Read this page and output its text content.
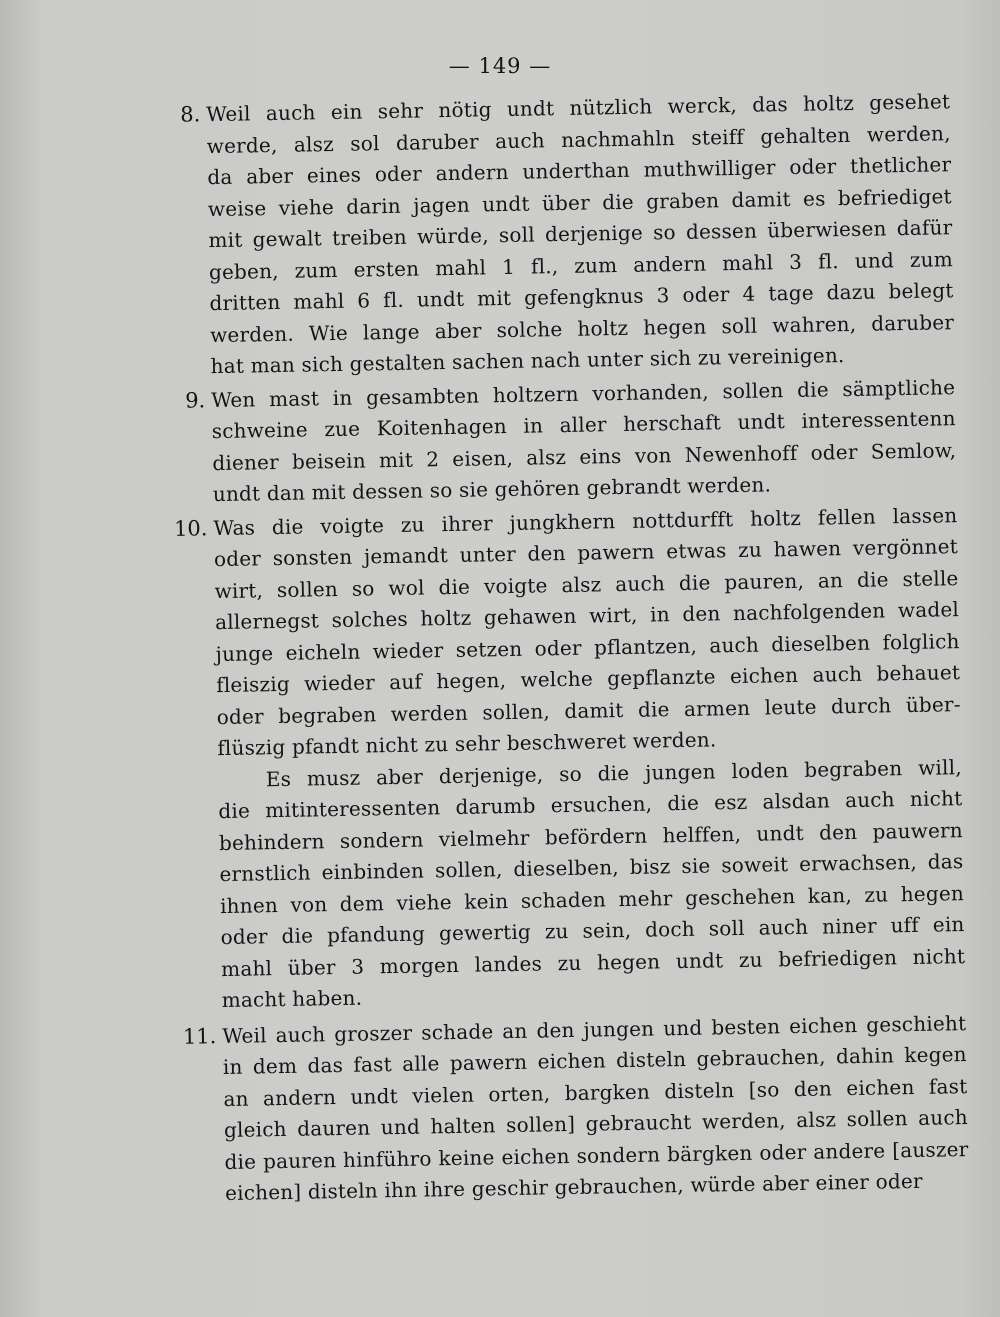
— 149 —
8. Weil auch ein sehr nötig undt nützlich werck, das holtz gesehet
werde, alsz sol daruber auch nachmahln steiff gehalten werden,
da aber eines oder andern underthan muthwilliger oder thetlicher
weise viehe darin jagen undt über die graben damit es befriediget
mit gewalt treiben würde, soll derjenige so dessen überwiesen dafür
geben, zum ersten mahl 1 fl., zum andern mahl 3 fl. und zum
dritten mahl 6 fl. undt mit gefengknus 3 oder 4 tage dazu belegt
werden. Wie lange aber solche holtz hegen soll wahren, daruber
hat man sich gestalten sachen nach unter sich zu vereinigen.
9. Wen mast in gesambten holtzern vorhanden, sollen die sämptliche
schweine zue Koitenhagen in aller herschaft undt interessentenn
diener beisein mit 2 eisen, alsz eins von Newenhoff oder Semlow,
undt dan mit dessen so sie gehören gebrandt werden.
10. Was die voigte zu ihrer jungkhern nottdurfft holtz fellen lassen
oder sonsten jemandt unter den pawern etwas zu hawen vergönnet
wirt, sollen so wol die voigte alsz auch die pauren, an die stelle
allernegst solches holtz gehawen wirt, in den nachfolgenden wadel
junge eicheln wieder setzen oder pflantzen, auch dieselben folglich
fleiszig wieder auf hegen, welche gepflanzte eichen auch behauet
oder begraben werden sollen, damit die armen leute durch über-
flüszig pfandt nicht zu sehr beschweret werden.
Es musz aber derjenige, so die jungen loden begraben will,
die mitinteressenten darumb ersuchen, die esz alsdan auch nicht
behindern sondern vielmehr befördern helffen, undt den pauwern
ernstlich einbinden sollen, dieselben, bisz sie soweit erwachsen, das
ihnen von dem viehe kein schaden mehr geschehen kan, zu hegen
oder die pfandung gewertig zu sein, doch soll auch niner uff ein
mahl über 3 morgen landes zu hegen undt zu befriedigen nicht
macht haben.
11. Weil auch groszer schade an den jungen und besten eichen geschieht
in dem das fast alle pawern eichen disteln gebrauchen, dahin kegen
an andern undt vielen orten, bargken disteln [so den eichen fast
gleich dauren und halten sollen] gebraucht werden, alsz sollen auch
die pauren hinführo keine eichen sondern bärgken oder andere [auszer
eichen] disteln ihn ihre geschir gebrauchen, würde aber einer oder
